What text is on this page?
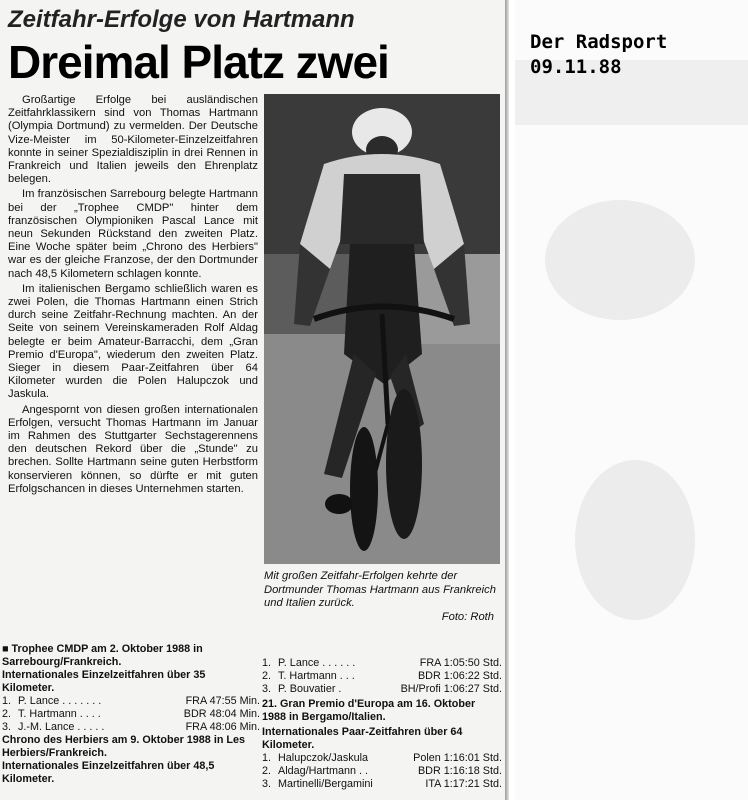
Zeitfahr-Erfolge von Hartmann
Dreimal Platz zwei

Großartige Erfolge bei ausländischen Zeitfahrklassikern sind von Thomas Hartmann (Olympia Dortmund) zu vermelden. Der Deutsche Vize-Meister im 50-Kilometer-Einzelzeitfahren konnte in seiner Spezialdisziplin in drei Rennen in Frankreich und Italien jeweils den Ehrenplatz belegen.

Im französischen Sarrebourg belegte Hartmann bei der „Trophee CMDP" hinter dem französischen Olympioniken Pascal Lance mit neun Sekunden Rückstand den zweiten Platz. Eine Woche später beim „Chrono des Herbiers" war es der gleiche Franzose, der den Dortmunder nach 48,5 Kilometern schlagen konnte.

Im italienischen Bergamo schließlich waren es zwei Polen, die Thomas Hartmann einen Strich durch seine Zeitfahr-Rechnung machten. An der Seite von seinem Vereinskameraden Rolf Aldag belegte er beim Amateur-Barracchi, dem „Gran Premio d'Europa", wiederum den zweiten Platz. Sieger in diesem Paar-Zeitfahren über 64 Kilometer wurden die Polen Halupczok und Jaskula.

Angespornt von diesen großen internationalen Erfolgen, versucht Thomas Hartmann im Januar im Rahmen des Stuttgarter Sechstagerennens den deutschen Rekord über die „Stunde" zu brechen. Sollte Hartmann seine guten Herbstform konservieren können, so dürfte er mit guten Erfolgschancen in dieses Unternehmen starten.

Mit großen Zeitfahr-Erfolgen kehrte der Dortmunder Thomas Hartmann aus Frankreich und Italien zurück.
Foto: Roth
■ Trophee CMDP am 2. Oktober 1988 in Sarrebourg/Frankreich.
Internationales Einzelzeitfahren über 35 Kilometer.
1. P. Lance . . . . . . .	FRA 47:55 Min.
2. T. Hartmann . . . .	BDR 48:04 Min.
3. J.-M. Lance . . . . .	FRA 48:06 Min.
Chrono des Herbiers am 9. Oktober 1988 in Les Herbiers/Frankreich.
Internationales Einzelzeitfahren über 48,5 Kilometer.
1. P. Lance . . . . . .	FRA 1:05:50 Std.
2. T. Hartmann . . .	BDR 1:06:22 Std.
3. P. Bouvatier .	BH/Profi 1:06:27 Std.
21. Gran Premio d'Europa am 16. Oktober 1988 in Bergamo/Italien.
Internationales Paar-Zeitfahren über 64 Kilometer.
1. Halupczok/Jaskula	Polen 1:16:01 Std.
2. Aldag/Hartmann . .	BDR 1:16:18 Std.
3. Martinelli/Bergamini	ITA 1:17:21 Std.
Der Radsport
09.11.88
